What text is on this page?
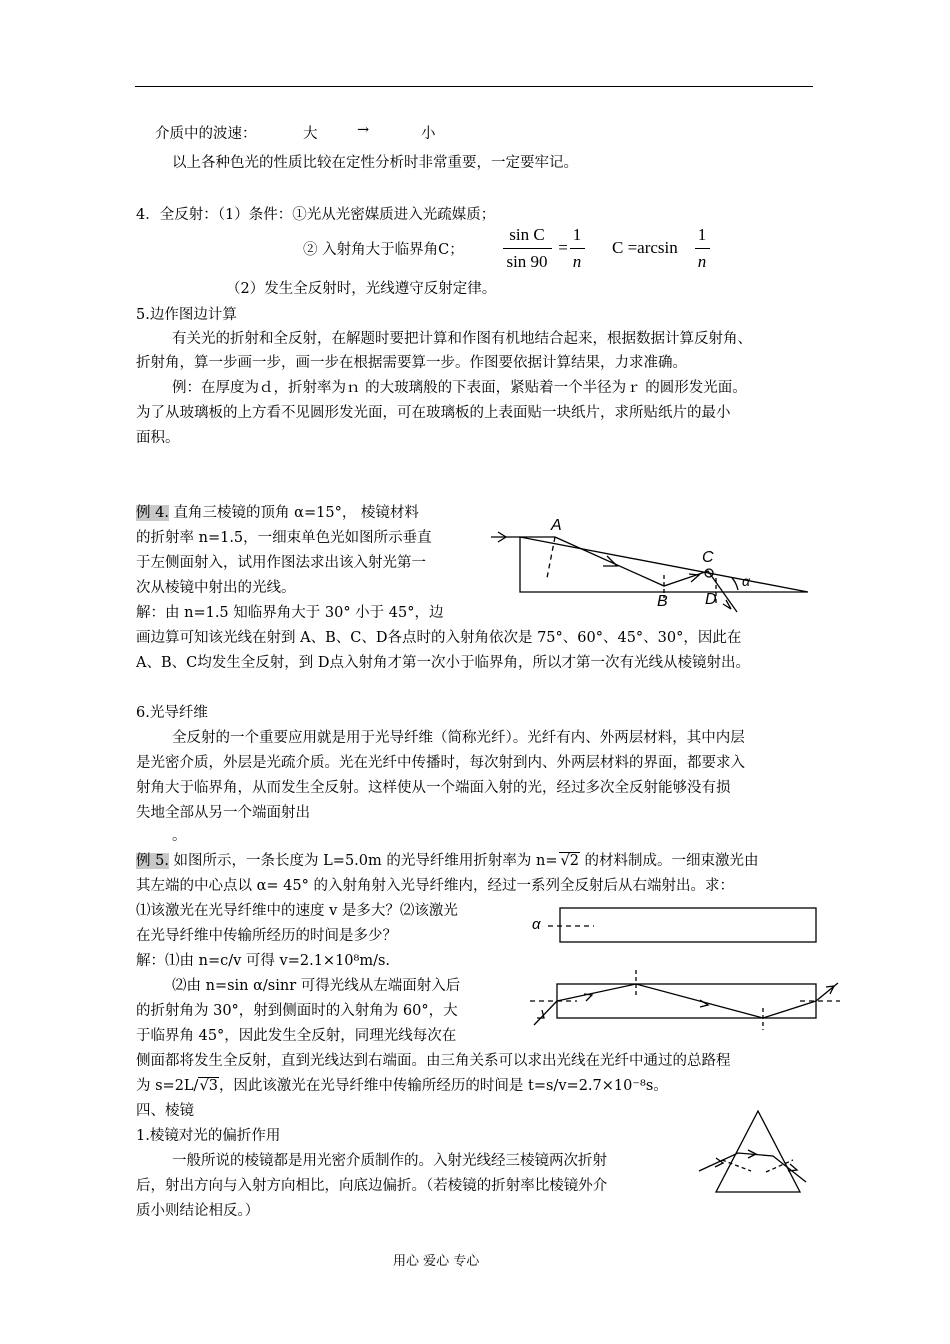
介质中的波速：	大	→	小
以上各种色光的性质比较在定性分析时非常重要，一定要牢记。
4．全反射：（1）条件：①光从光密媒质进入光疏媒质；
② 入射角大于临界角C；
sin C
sin 90
=
1
n
C =arcsin
1
n
（2）发生全反射时，光线遵守反射定律。
5.边作图边计算
有关光的折射和全反射，在解题时要把计算和作图有机地结合起来，根据数据计算反射角、
折射角，算一步画一步，画一步在根据需要算一步。作图要依据计算结果，力求准确。
例：在厚度为ｄ，折射率为ｎ 的大玻璃般的下表面，紧贴着一个半径为ｒ 的圆形发光面。
为了从玻璃板的上方看不见圆形发光面，可在玻璃板的上表面贴一块纸片，求所贴纸片的最小
面积。
例 4. 直角三棱镜的顶角 α=15°， 棱镜材料
的折射率 n=1.5，一细束单色光如图所示垂直
于左侧面射入，试用作图法求出该入射光第一
次从棱镜中射出的光线。
解：由 n=1.5 知临界角大于 30° 小于 45°，边
画边算可知该光线在射到 A、B、C、D各点时的入射角依次是 75°、60°、45°、30°，因此在
A、B、C均发生全反射，到 D点入射角才第一次小于临界角，所以才第一次有光线从棱镜射出。
A
B
C
D
α
6.光导纤维
全反射的一个重要应用就是用于光导纤维（简称光纤）。光纤有内、外两层材料，其中内层
是光密介质，外层是光疏介质。光在光纤中传播时，每次射到内、外两层材料的界面，都要求入
射角大于临界角，从而发生全反射。这样使从一个端面入射的光，经过多次全反射能够没有损
失地全部从另一个端面射出
。
例 5. 如图所示，一条长度为 L=5.0m 的光导纤维用折射率为 n= √2 的材料制成。一细束激光由
其左端的中心点以 α= 45° 的入射角射入光导纤维内，经过一系列全反射后从右端射出。求：
⑴该激光在光导纤维中的速度 v 是多大？⑵该激光
在光导纤维中传输所经历的时间是多少？
解：⑴由 n=c/v 可得 v=2.1×10⁸m/s.
⑵由 n=sin α/sinr 可得光线从左端面射入后
的折射角为 30°，射到侧面时的入射角为 60°，大
于临界角 45°，因此发生全反射，同理光线每次在
侧面都将发生全反射，直到光线达到右端面。由三角关系可以求出光线在光纤中通过的总路程
为 s=2L/√3，因此该激光在光导纤维中传输所经历的时间是 t=s/v=2.7×10⁻⁸s。
α
四、棱镜
1.棱镜对光的偏折作用
一般所说的棱镜都是用光密介质制作的。入射光线经三棱镜两次折射
后，射出方向与入射方向相比，向底边偏折。（若棱镜的折射率比棱镜外介
质小则结论相反。）
用心 爱心 专心
